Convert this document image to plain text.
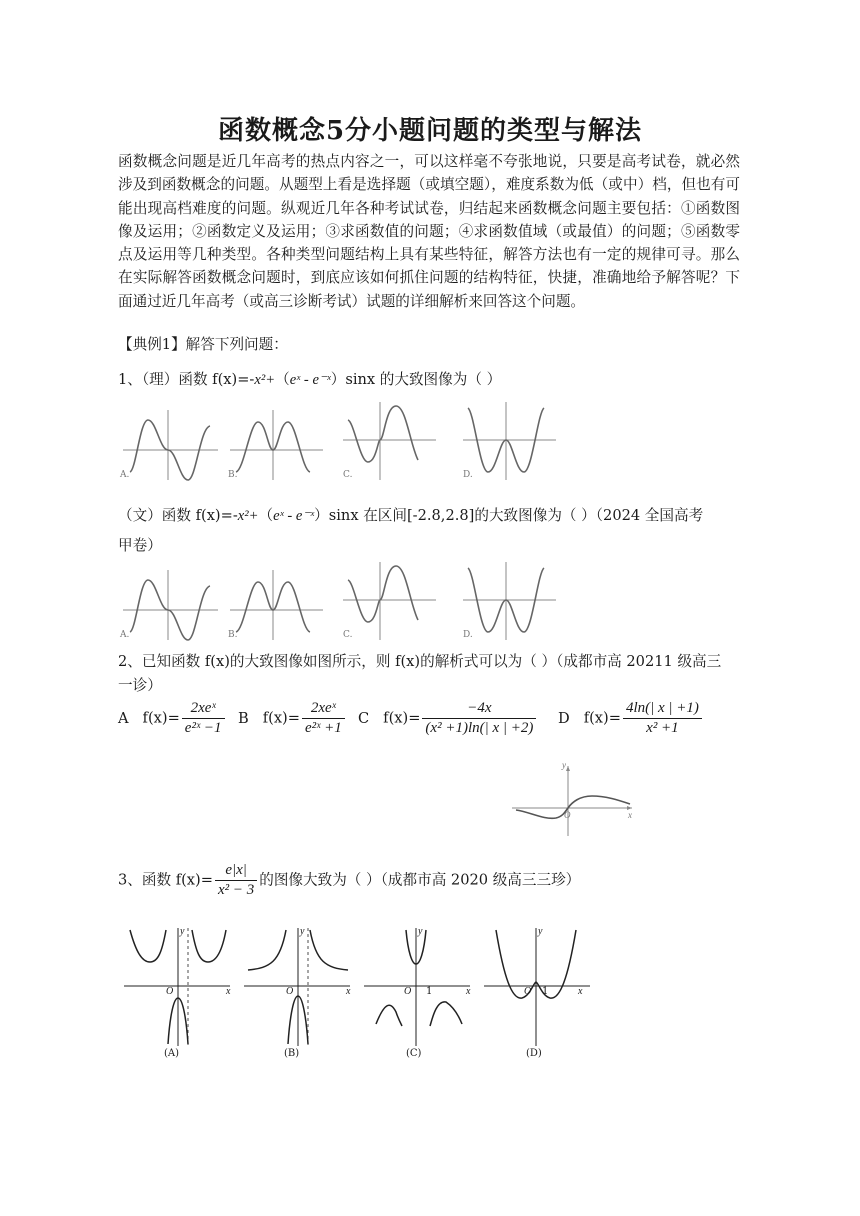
函数概念5分小题问题的类型与解法
函数概念问题是近几年高考的热点内容之一，可以这样毫不夸张地说，只要是高考试卷，就必然涉及到函数概念的问题。从题型上看是选择题（或填空题），难度系数为低（或中）档，但也有可能出现高档难度的问题。纵观近几年各种考试试卷，归结起来函数概念问题主要包括：①函数图像及运用；②函数定义及运用；③求函数值的问题；④求函数值域（或最值）的问题；⑤函数零点及运用等几种类型。各种类型问题结构上具有某些特征，解答方法也有一定的规律可寻。那么在实际解答函数概念问题时，到底应该如何抓住问题的结构特征，快捷，准确地给予解答呢？下面通过近几年高考（或高三诊断考试）试题的详细解析来回答这个问题。
【典例1】解答下列问题：
1、（理）函数 f(x)=-x²+（eˣ - e⁻ˣ）sinx 的大致图像为（ ）
A.	B.	C.	D.
（文）函数 f(x)=-x²+（eˣ - e⁻ˣ）sinx 在区间[-2.8,2.8]的大致图像为（ ）（2024 全国高考
甲卷）
A.	B.	C.	D.
2、已知函数 f(x)的大致图像如图所示，则 f(x)的解析式可以为（ ）（成都市高 20211 级高三
一诊）
A $f(x)= \frac{\text{2xeˣ}}{\text{e²ˣ −1}}$ B $f(x)= \frac{\text{2xeˣ}}{\text{e²ˣ +1}}$ C $f(x)= \frac{-4x}{\text{(x² +1)ln(| x | +2)}}$ D $f(x)= \frac{4\ln(| x | +1)}{\text{x² +1}}$
y
x
O
3、函数 $f(x)= \frac{e|x|}{\text{x² − 3}}$ 的图像大致为（ ）（成都市高 2020 级高三三珍）
y
x
O
y
x
O
y
x
O 1
y
x
O 1
(A)	(B)	(C)	(D)
